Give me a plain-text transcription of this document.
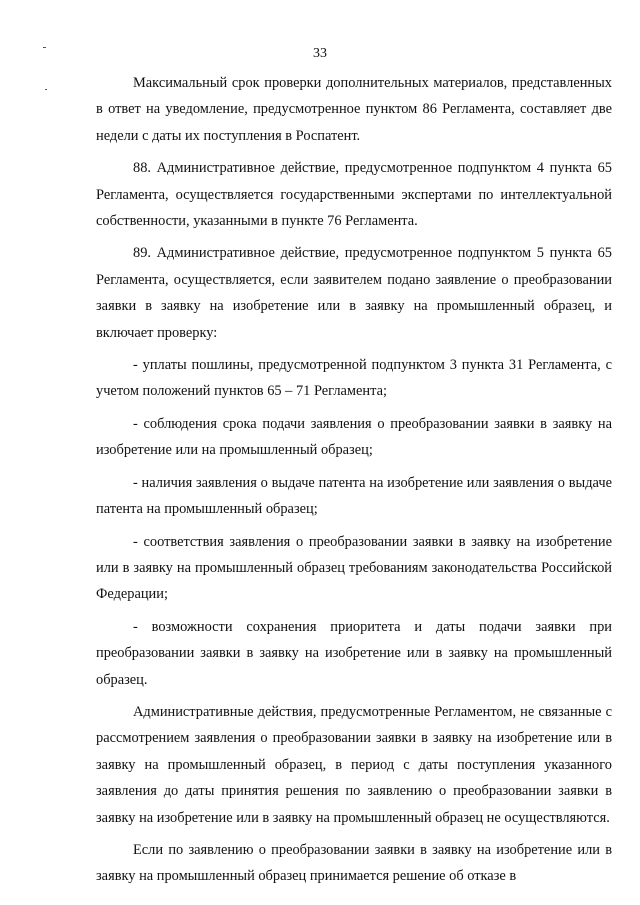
33

Максимальный срок проверки дополнительных материалов, представленных в ответ на уведомление, предусмотренное пунктом 86 Регламента, составляет две недели с даты их поступления в Роспатент.

88. Административное действие, предусмотренное подпунктом 4 пункта 65 Регламента, осуществляется государственными экспертами по интеллектуальной собственности, указанными в пункте 76 Регламента.

89. Административное действие, предусмотренное подпунктом 5 пункта 65 Регламента, осуществляется, если заявителем подано заявление о преобразовании заявки в заявку на изобретение или в заявку на промышленный образец, и включает проверку:

- уплаты пошлины, предусмотренной подпунктом 3 пункта 31 Регламента, с учетом положений пунктов 65 – 71 Регламента;

- соблюдения срока подачи заявления о преобразовании заявки в заявку на изобретение или на промышленный образец;

- наличия заявления о выдаче патента на изобретение или заявления о выдаче патента на промышленный образец;

- соответствия заявления о преобразовании заявки в заявку на изобретение или в заявку на промышленный образец требованиям законодательства Российской Федерации;

- возможности сохранения приоритета и даты подачи заявки при преобразовании заявки в заявку на изобретение или в заявку на промышленный образец.

Административные действия, предусмотренные Регламентом, не связанные с рассмотрением заявления о преобразовании заявки в заявку на изобретение или в заявку на промышленный образец, в период с даты поступления указанного заявления до даты принятия решения по заявлению о преобразовании заявки в заявку на изобретение или в заявку на промышленный образец не осуществляются.

Если по заявлению о преобразовании заявки в заявку на изобретение или в заявку на промышленный образец принимается решение об отказе в
